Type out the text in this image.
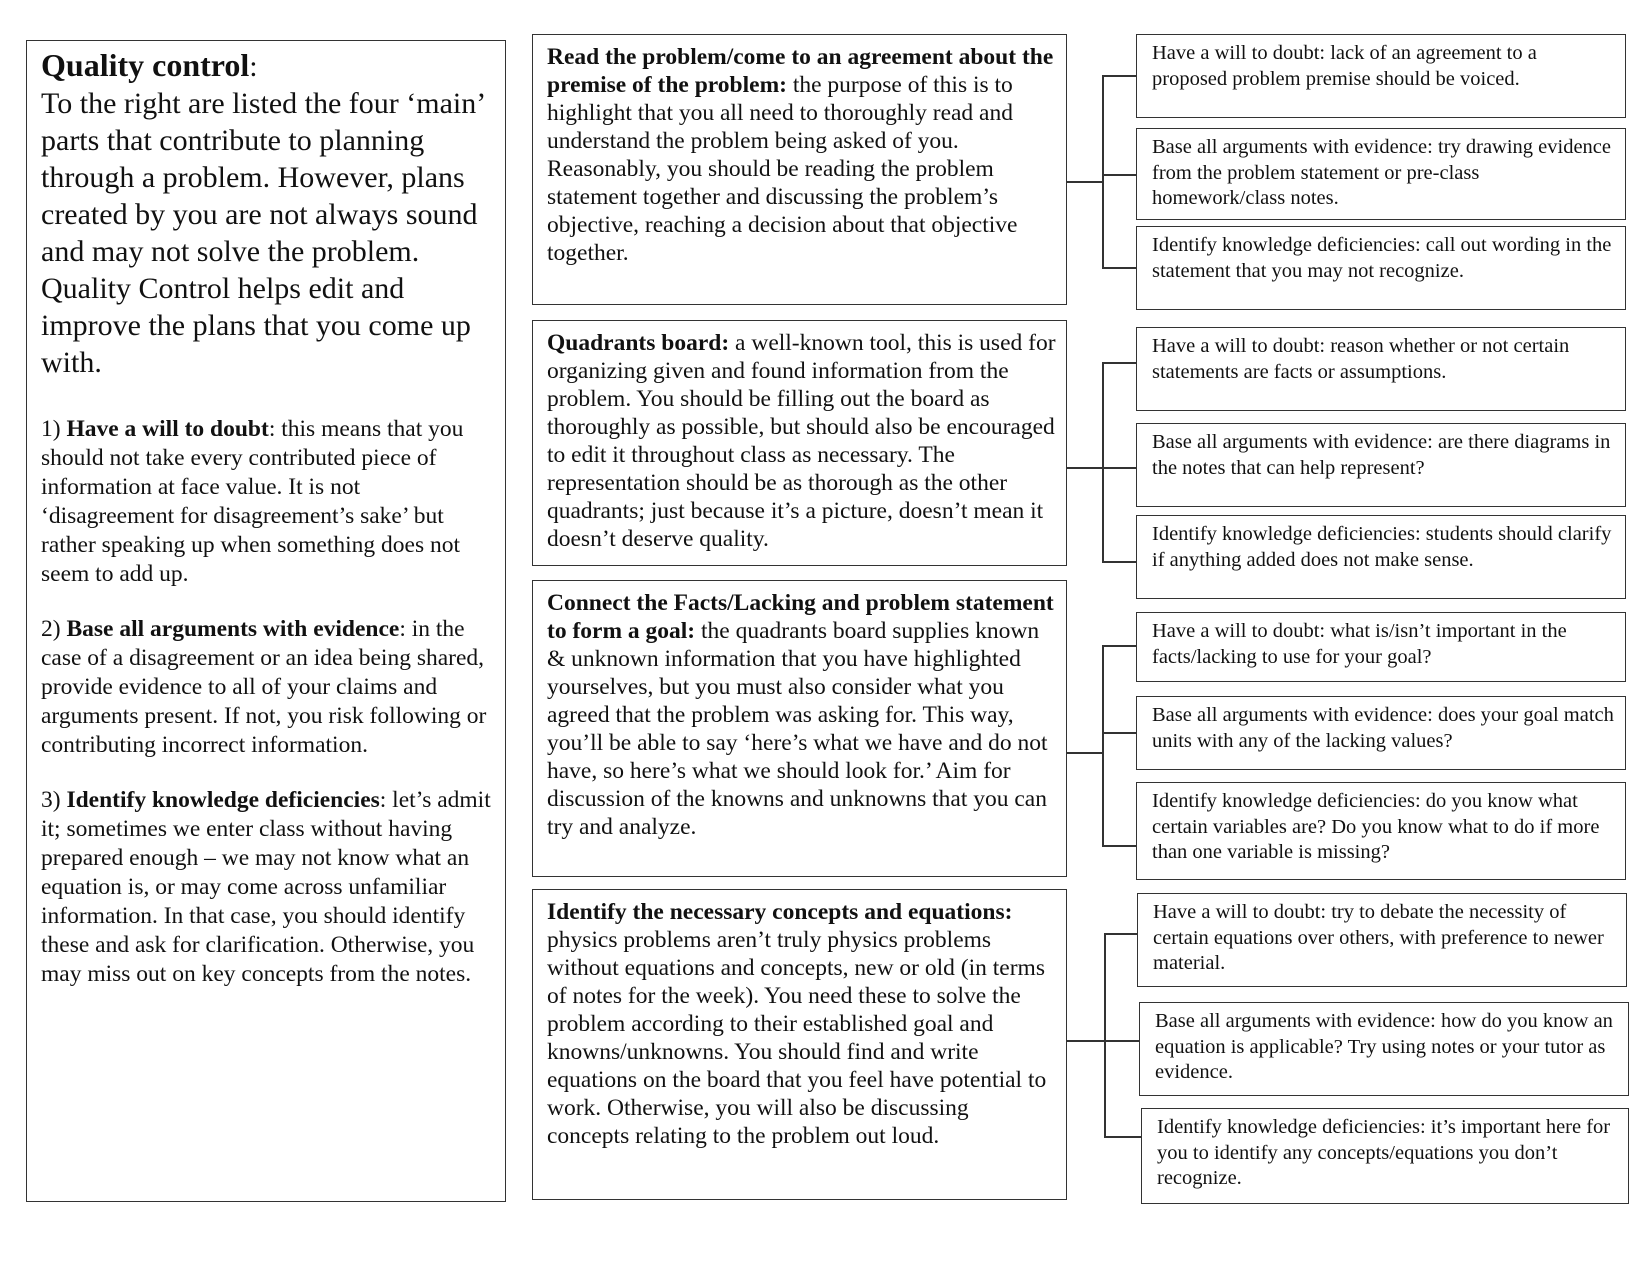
Quality control:
To the right are listed the four ‘main’ parts that contribute to planning through a problem. However, plans created by you are not always sound and may not solve the problem. Quality Control helps edit and improve the plans that you come up with.

1) Have a will to doubt: this means that you should not take every contributed piece of information at face value. It is not ‘disagreement for disagreement’s sake’ but rather speaking up when something does not seem to add up.

2) Base all arguments with evidence: in the case of a disagreement or an idea being shared, provide evidence to all of your claims and arguments present. If not, you risk following or contributing incorrect information.

3) Identify knowledge deficiencies: let’s admit it; sometimes we enter class without having prepared enough – we may not know what an equation is, or may come across unfamiliar information. In that case, you should identify these and ask for clarification. Otherwise, you may miss out on key concepts from the notes.

Read the problem/come to an agreement about the premise of the problem: the purpose of this is to highlight that you all need to thoroughly read and understand the problem being asked of you. Reasonably, you should be reading the problem statement together and discussing the problem’s objective, reaching a decision about that objective together.

Have a will to doubt: lack of an agreement to a proposed problem premise should be voiced.

Base all arguments with evidence: try drawing evidence from the problem statement or pre-class homework/class notes.

Identify knowledge deficiencies: call out wording in the statement that you may not recognize.

Quadrants board: a well-known tool, this is used for organizing given and found information from the problem. You should be filling out the board as thoroughly as possible, but should also be encouraged to edit it throughout class as necessary. The representation should be as thorough as the other quadrants; just because it’s a picture, doesn’t mean it doesn’t deserve quality.

Have a will to doubt: reason whether or not certain statements are facts or assumptions.

Base all arguments with evidence: are there diagrams in the notes that can help represent?

Identify knowledge deficiencies: students should clarify if anything added does not make sense.

Connect the Facts/Lacking and problem statement to form a goal: the quadrants board supplies known & unknown information that you have highlighted yourselves, but you must also consider what you agreed that the problem was asking for. This way, you’ll be able to say ‘here’s what we have and do not have, so here’s what we should look for.’ Aim for discussion of the knowns and unknowns that you can try and analyze.

Have a will to doubt: what is/isn’t important in the facts/lacking to use for your goal?

Base all arguments with evidence: does your goal match units with any of the lacking values?

Identify knowledge deficiencies: do you know what certain variables are? Do you know what to do if more than one variable is missing?

Identify the necessary concepts and equations: physics problems aren’t truly physics problems without equations and concepts, new or old (in terms of notes for the week). You need these to solve the problem according to their established goal and knowns/unknowns. You should find and write equations on the board that you feel have potential to work. Otherwise, you will also be discussing concepts relating to the problem out loud.

Have a will to doubt: try to debate the necessity of certain equations over others, with preference to newer material.

Base all arguments with evidence: how do you know an equation is applicable? Try using notes or your tutor as evidence.

Identify knowledge deficiencies: it’s important here for you to identify any concepts/equations you don’t recognize.
